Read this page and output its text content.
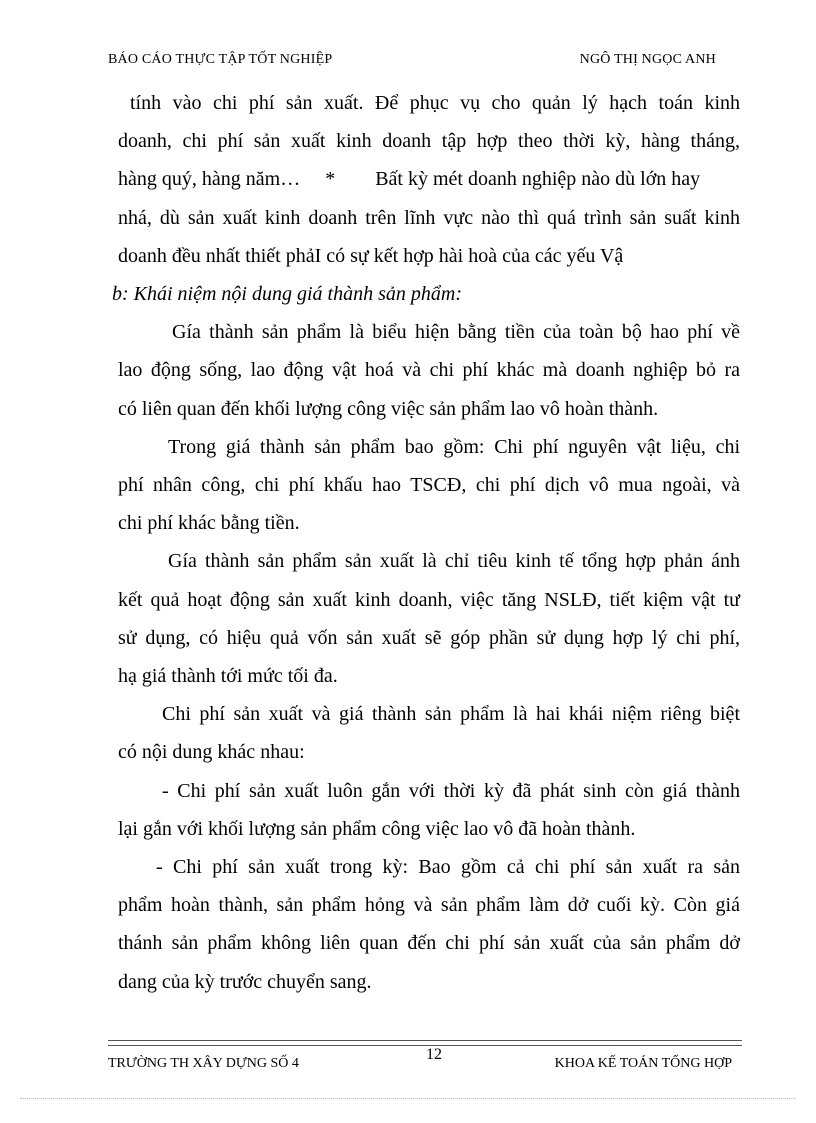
BÁO CÁO THỰC TẬP TỐT NGHIỆP	NGÔ THỊ NGỌC ANH
tính vào chi phí sản xuất. Để phục vụ cho quản lý hạch toán kinh
doanh, chi phí sản xuất kinh doanh tập hợp theo thời kỳ, hàng tháng,
hàng quý, hàng năm…     *        Bất kỳ mét doanh nghiệp nào dù lớn hay
nhá, dù sản xuất kinh doanh trên lĩnh vực nào thì quá trình sản suất kinh
doanh đều nhất thiết phảI có sự kết hợp hài hoà của các yếu Vậ
b: Khái niệm nội dung giá thành sản phẩm:
Gía thành sản phẩm là biểu hiện bằng tiền của toàn bộ hao phí về
lao động sống, lao động vật hoá và chi phí khác mà doanh nghiệp bỏ ra
có liên quan đến khối lượng công việc sản phẩm lao vô hoàn thành.
Trong giá thành sản phẩm bao gồm: Chi phí nguyên vật liệu, chi
phí nhân công, chi phí khấu hao TSCĐ, chi phí dịch vô mua ngoài, và
chi phí khác bằng tiền.
Gía thành sản phẩm sản xuất là chỉ tiêu kinh tế tổng hợp phản ánh
kết quả hoạt động sản xuất kinh doanh, việc tăng NSLĐ, tiết kiệm vật tư
sử dụng, có hiệu quả vốn sản xuất sẽ góp phần sử dụng hợp lý chi phí,
hạ giá thành tới mức tối đa.
Chi phí sản xuất và giá thành sản phẩm là hai khái niệm riêng biệt
có nội dung khác nhau:
- Chi phí sản xuất luôn gắn với thời kỳ đã phát sinh còn giá thành
lại gắn với khối lượng sản phẩm công việc lao vô đã hoàn thành.
- Chi phí sản xuất trong kỳ: Bao gồm cả chi phí sản xuất ra sản
phẩm hoàn thành, sản phẩm hỏng và sản phẩm làm dở cuối kỳ. Còn giá
thánh sản phẩm không liên quan đến chi phí sản xuất của sản phẩm dở
dang của kỳ trước chuyển sang.
TRƯỜNG TH XÂY DỰNG SỐ 4
12
KHOA KẾ TOÁN TỔNG HỢP
